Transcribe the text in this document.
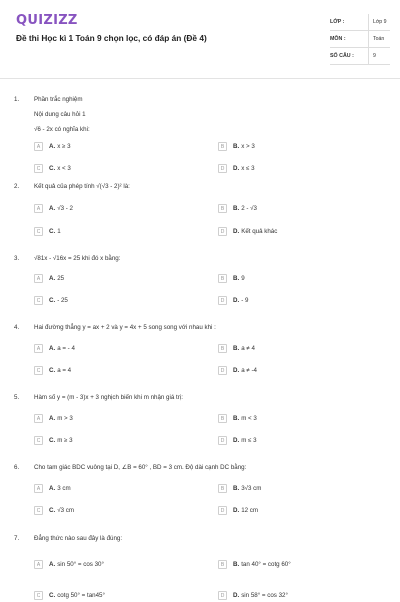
QUIZIZZ
Đề thi Học kì 1 Toán 9 chọn lọc, có đáp án (Đề 4)
LỚP :	Lớp 9
MÔN :	Toán
SỐ CÂU :	9
1. Phần trắc nghiệm
Nội dung câu hỏi 1
√6 - 2x có nghĩa khi:
A	A. x ≥ 3	B	B. x > 3
C	C. x < 3	D	D. x ≤ 3
2. Kết quả của phép tính √(√3 - 2)² là:
A	A. √3 - 2	B	B. 2 - √3
C	C. 1	D	D. Kết quả khác
3. √81x - √16x = 25 khi đó x bằng:
A	A. 25	B	B. 9
C	C. - 25	D	D. - 9
4. Hai đường thẳng y = ax + 2 và y = 4x + 5 song song với nhau khi :
A	A. a = - 4	B	B. a ≠ 4
C	C. a = 4	D	D. a ≠ -4
5. Hàm số y = (m - 3)x + 3 nghịch biến khi m nhận giá trị:
A	A. m > 3	B	B. m < 3
C	C. m ≥ 3	D	D. m ≤ 3
6. Cho tam giác BDC vuông tại D, ∠B = 60° , BD = 3 cm. Độ dài cạnh DC bằng:
A	A. 3 cm	B	B. 3√3 cm
C	C. √3 cm	D	D. 12 cm
7. Đẳng thức nào sau đây là đúng:
A	A. sin 50° = cos 30°	B	B. tan 40° = cotg 60°
C	C. cotg 50° = tan45°	D	D. sin 58° = cos 32°
